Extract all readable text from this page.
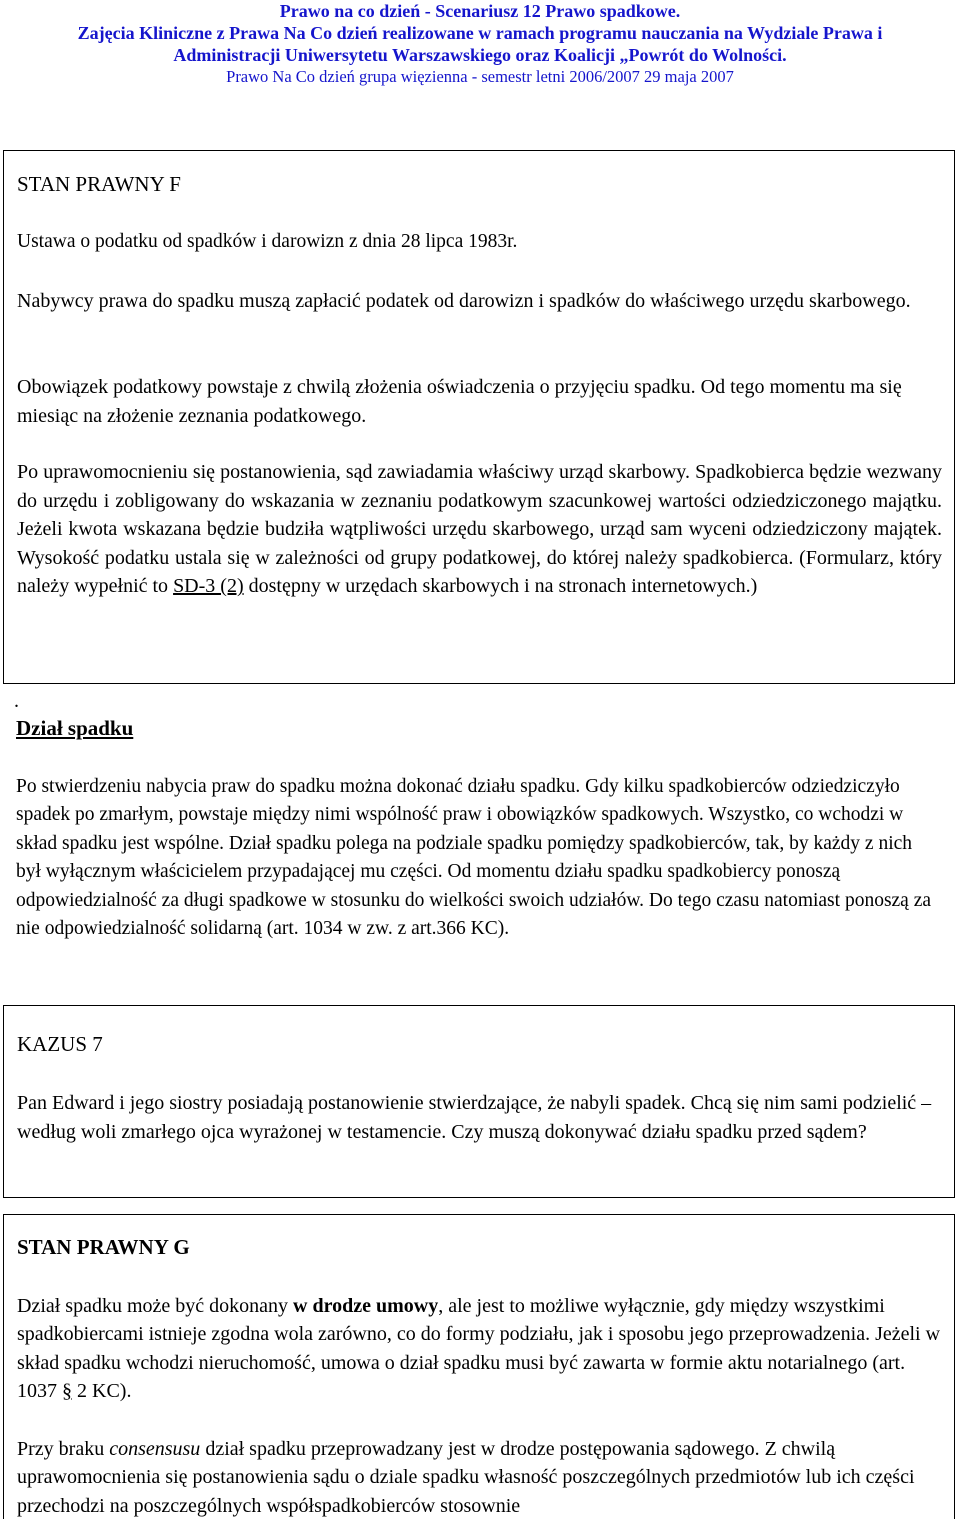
Prawo na co dzień - Scenariusz 12 Prawo spadkowe.
Zajęcia Kliniczne z Prawa Na Co dzień realizowane w ramach programu nauczania na Wydziale Prawa i
Administracji Uniwersytetu Warszawskiego oraz Koalicji „Powrót do Wolności.
Prawo Na Co dzień grupa więzienna - semestr letni 2006/2007 29 maja 2007

STAN PRAWNY F

Ustawa o podatku od spadków i darowizn z dnia 28 lipca 1983r.

Nabywcy prawa do spadku muszą zapłacić podatek od darowizn i spadków do właściwego urzędu skarbowego.

Obowiązek podatkowy powstaje z chwilą złożenia oświadczenia o przyjęciu spadku. Od tego momentu ma się miesiąc na złożenie zeznania podatkowego.

Po uprawomocnieniu się postanowienia, sąd zawiadamia właściwy urząd skarbowy. Spadkobierca będzie wezwany do urzędu i zobligowany do wskazania w zeznaniu podatkowym szacunkowej wartości odziedziczonego majątku. Jeżeli kwota wskazana będzie budziła wątpliwości urzędu skarbowego, urząd sam wyceni odziedziczony majątek. Wysokość podatku ustala się w zależności od grupy podatkowej, do której należy spadkobierca. (Formularz, który należy wypełnić to SD-3 (2) dostępny w urzędach skarbowych i na stronach internetowych.)

.

Dział spadku

Po stwierdzeniu nabycia praw do spadku można dokonać działu spadku. Gdy kilku spadkobierców odziedziczyło spadek po zmarłym, powstaje między nimi wspólność praw i obowiązków spadkowych. Wszystko, co wchodzi w skład spadku jest wspólne. Dział spadku polega na podziale spadku pomiędzy spadkobierców, tak, by każdy z nich był wyłącznym właścicielem przypadającej mu części. Od momentu działu spadku spadkobiercy ponoszą odpowiedzialność za długi spadkowe w stosunku do wielkości swoich udziałów. Do tego czasu natomiast ponoszą za nie odpowiedzialność solidarną (art. 1034 w zw. z art.366 KC).

KAZUS 7

Pan Edward i jego siostry posiadają postanowienie stwierdzające, że nabyli spadek. Chcą się nim sami podzielić –według woli zmarłego ojca wyrażonej w testamencie. Czy muszą dokonywać działu spadku przed sądem?

STAN PRAWNY G

Dział spadku może być dokonany w drodze umowy, ale jest to możliwe wyłącznie, gdy między wszystkimi spadkobiercami istnieje zgodna wola zarówno, co do formy podziału, jak i sposobu jego przeprowadzenia. Jeżeli w skład spadku wchodzi nieruchomość, umowa o dział spadku musi być zawarta w formie aktu notarialnego (art. 1037 § 2 KC).

Przy braku consensusu dział spadku przeprowadzany jest w drodze postępowania sądowego. Z chwilą uprawomocnienia się postanowienia sądu o dziale spadku własność poszczególnych przedmiotów lub ich części przechodzi na poszczególnych współspadkobierców stosownie
